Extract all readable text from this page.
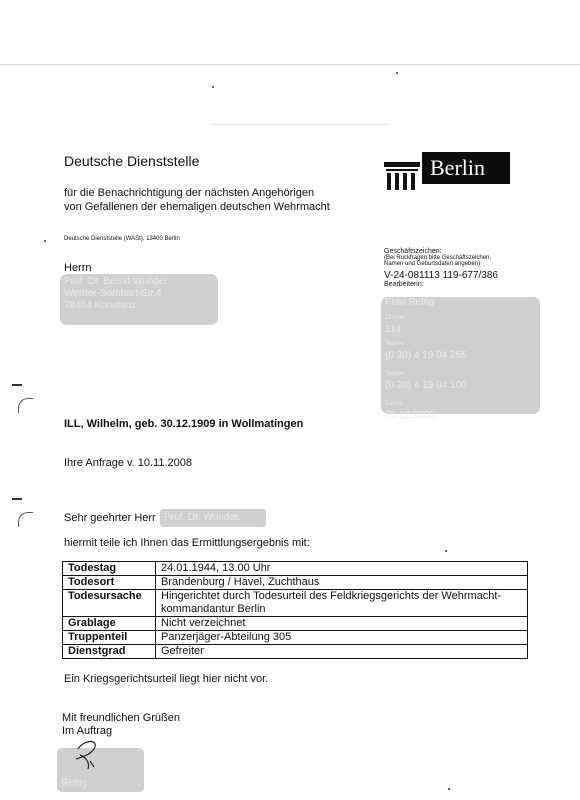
Deutsche Dienststelle
für die Benachrichtigung der nächsten Angehörigen
von Gefallenen der ehemaligen deutschen Wehrmacht
Berlin
Deutsche Dienststelle (WASt), 13400 Berlin
Herrn
Prof. Dr. Bernd Wunder
Werner-Sombart-Str.4
78464 Konstanz
Geschäftszeichen:
(Bei Rückfragen bitte Geschäftszeichen,
Namen und Geburtsdaten angeben)
V-24-081113 119-677/386
Bearbeiterin:
Frau Rettig
Zimmer
114
Telefon
(0 30) 4 19 04 256
Telefax
(0 30) 4 19 04 100
Datum
05.12.2008
ILL, Wilhelm, geb. 30.12.1909 in Wollmatingen
Ihre Anfrage v. 10.11.2008
Sehr geehrter Herr Prof. Dr. Wunder,
hiermit teile ich Ihnen das Ermittlungsergebnis mit:
Todestag	24.01.1944, 13.00 Uhr
Todesort	Brandenburg / Havel, Zuchthaus
Todesursache	Hingerichtet durch Todesurteil des Feldkriegsgerichts der Wehrmacht-kommandantur Berlin
Grablage	Nicht verzeichnet
Truppenteil	Panzerjäger-Abteilung 305
Dienstgrad	Gefreiter
Ein Kriegsgerichtsurteil liegt hier nicht vor.
Mit freundlichen Grüßen
Im Auftrag
Rettig
